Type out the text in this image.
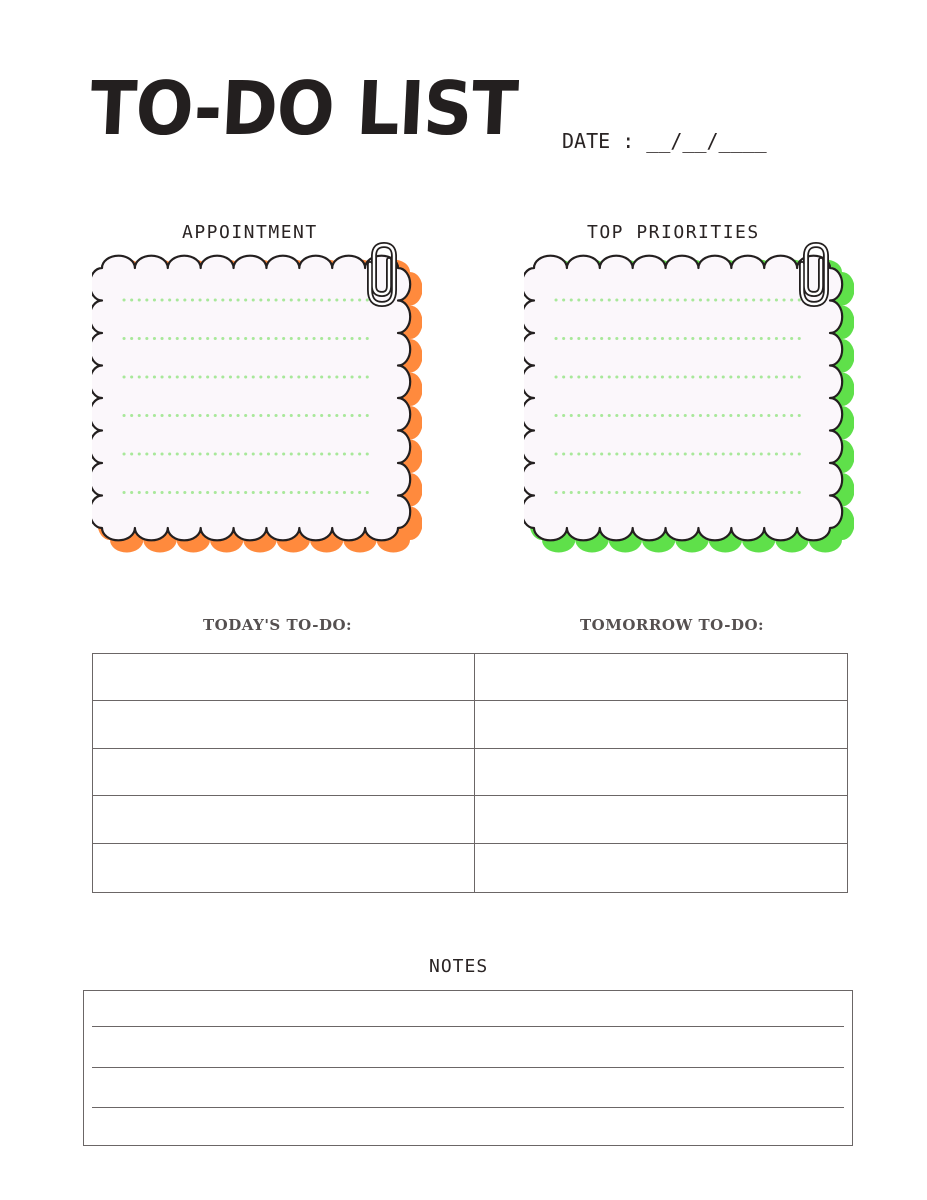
TO-DO LIST DATE : __/__/____
APPOINTMENT	TOP PRIORITIES
TODAY'S TO-DO:	TOMORROW TO-DO:
NOTES
